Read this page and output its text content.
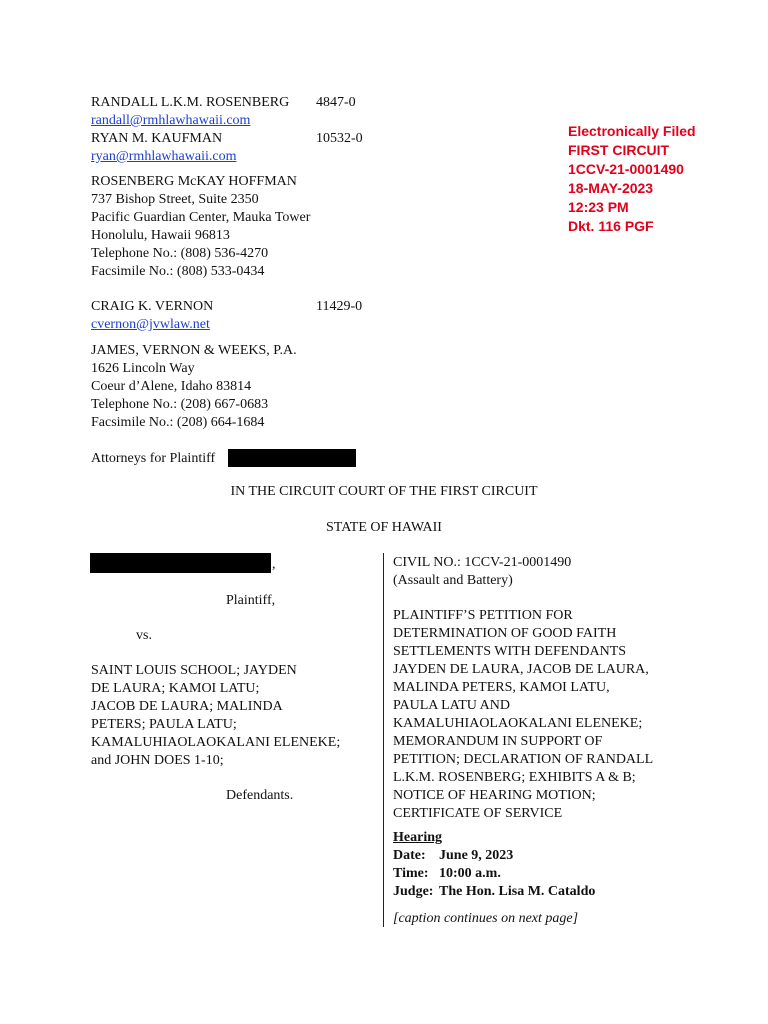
RANDALL L.K.M. ROSENBERG 4847-0
randall@rmhlawhawaii.com
RYAN M. KAUFMAN	10532-0
ryan@rmhlawhawaii.com
ROSENBERG McKAY HOFFMAN
737 Bishop Street, Suite 2350
Pacific Guardian Center, Mauka Tower
Honolulu, Hawaii 96813
Telephone No.: (808) 536-4270
Facsimile No.: (808) 533-0434
CRAIG K. VERNON	11429-0
cvernon@jvwlaw.net
JAMES, VERNON & WEEKS, P.A.
1626 Lincoln Way
Coeur d’Alene, Idaho 83814
Telephone No.: (208) 667-0683
Facsimile No.: (208) 664-1684
Attorneys for Plaintiff
Electronically Filed
FIRST CIRCUIT
1CCV-21-0001490
18-MAY-2023
12:23 PM
Dkt. 116 PGF
IN THE CIRCUIT COURT OF THE FIRST CIRCUIT
STATE OF HAWAII
,
Plaintiff,
vs.
SAINT LOUIS SCHOOL; JAYDEN
DE LAURA; KAMOI LATU;
JACOB DE LAURA; MALINDA
PETERS; PAULA LATU;
KAMALUHIAOLAOKALANI ELENEKE;
and JOHN DOES 1-10;
Defendants.
CIVIL NO.: 1CCV-21-0001490
(Assault and Battery)
PLAINTIFF’S PETITION FOR
DETERMINATION OF GOOD FAITH
SETTLEMENTS WITH DEFENDANTS
JAYDEN DE LAURA, JACOB DE LAURA,
MALINDA PETERS, KAMOI LATU,
PAULA LATU AND
KAMALUHIAOLAOKALANI ELENEKE;
MEMORANDUM IN SUPPORT OF
PETITION; DECLARATION OF RANDALL
L.K.M. ROSENBERG; EXHIBITS A & B;
NOTICE OF HEARING MOTION;
CERTIFICATE OF SERVICE
Hearing
Date: June 9, 2023
Time: 10:00 a.m.
Judge: The Hon. Lisa M. Cataldo
[caption continues on next page]
